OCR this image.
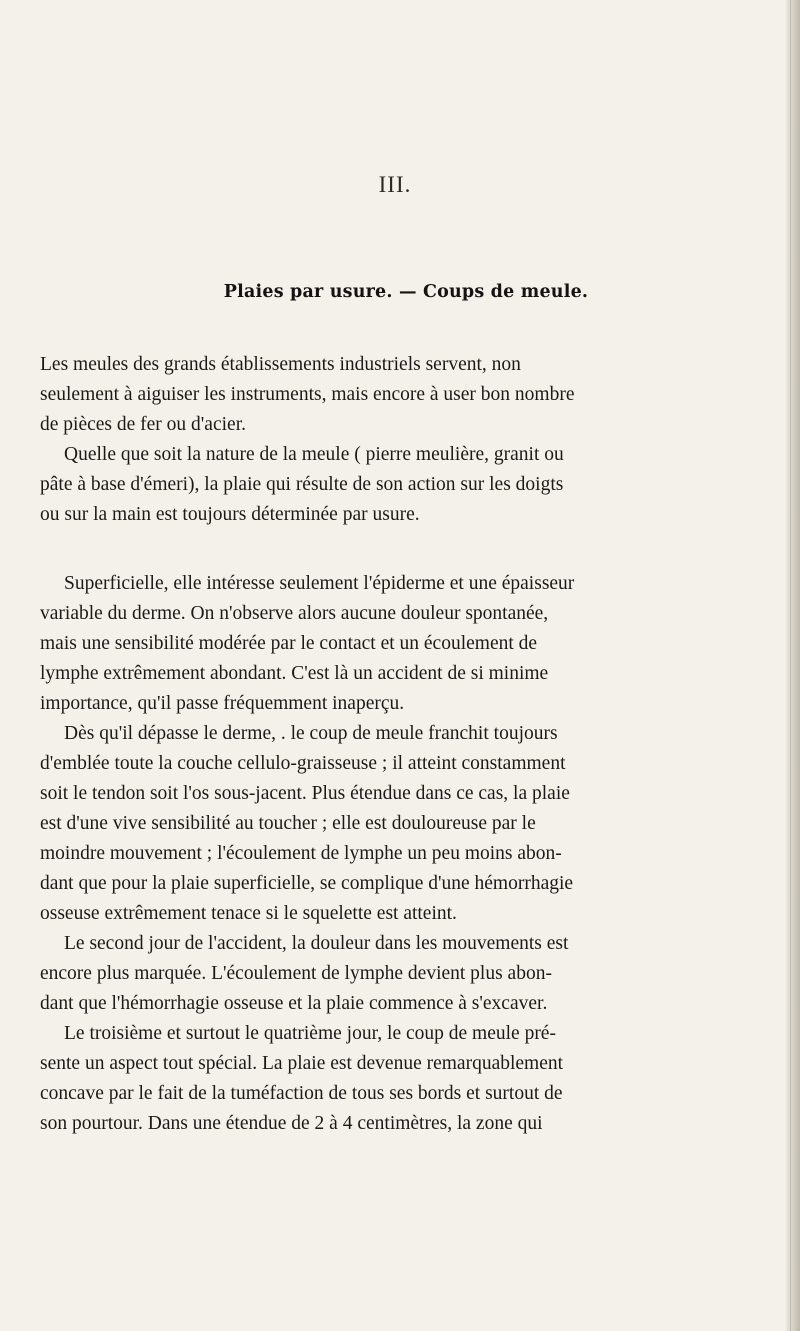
III.
Plaies par usure. — Coups de meule.
Les meules des grands établissements industriels servent, non
seulement à aiguiser les instruments, mais encore à user bon nombre
de pièces de fer ou d'acier.
Quelle que soit la nature de la meule ( pierre meulière, granit ou
pâte à base d'émeri), la plaie qui résulte de son action sur les doigts
ou sur la main est toujours déterminée par usure.
Superficielle, elle intéresse seulement l'épiderme et une épaisseur
variable du derme. On n'observe alors aucune douleur spontanée,
mais une sensibilité modérée par le contact et un écoulement de
lymphe extrêmement abondant. C'est là un accident de si minime
importance, qu'il passe fréquemment inaperçu.
Dès qu'il dépasse le derme, . le coup de meule franchit toujours
d'emblée toute la couche cellulo-graisseuse ; il atteint constamment
soit le tendon soit l'os sous-jacent. Plus étendue dans ce cas, la plaie
est d'une vive sensibilité au toucher ; elle est douloureuse par le
moindre mouvement ; l'écoulement de lymphe un peu moins abon-
dant que pour la plaie superficielle, se complique d'une hémorrhagie
osseuse extrêmement tenace si le squelette est atteint.
Le second jour de l'accident, la douleur dans les mouvements est
encore plus marquée. L'écoulement de lymphe devient plus abon-
dant que l'hémorrhagie osseuse et la plaie commence à s'excaver.
Le troisième et surtout le quatrième jour, le coup de meule pré-
sente un aspect tout spécial. La plaie est devenue remarquablement
concave par le fait de la tuméfaction de tous ses bords et surtout de
son pourtour. Dans une étendue de 2 à 4 centimètres, la zone qui
